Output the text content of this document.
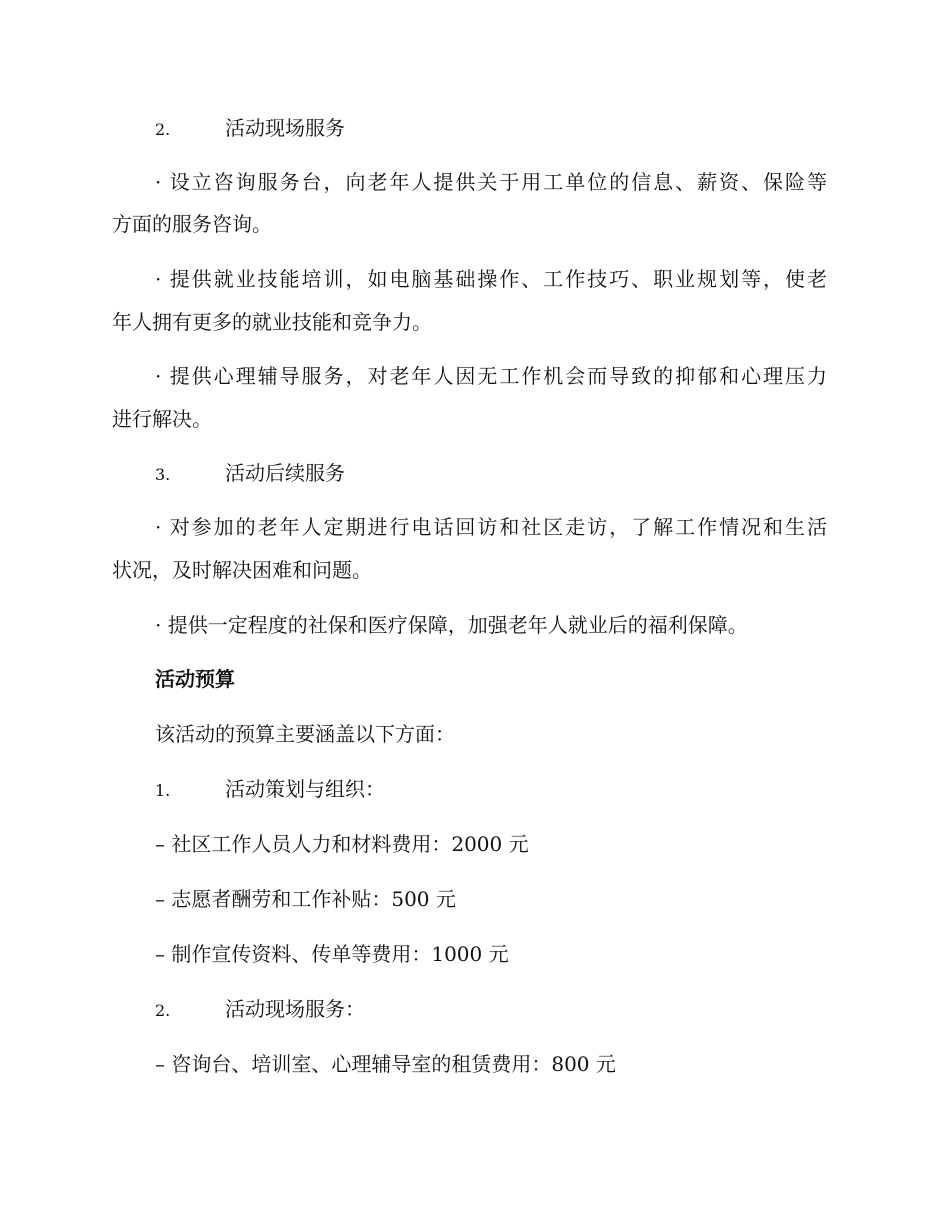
2.	活动现场服务
· 设立咨询服务台，向老年人提供关于用工单位的信息、薪资、保险等
方面的服务咨询。
· 提供就业技能培训，如电脑基础操作、工作技巧、职业规划等，使老
年人拥有更多的就业技能和竞争力。
· 提供心理辅导服务，对老年人因无工作机会而导致的抑郁和心理压力
进行解决。
3.	活动后续服务
· 对参加的老年人定期进行电话回访和社区走访，了解工作情况和生活
状况，及时解决困难和问题。
· 提供一定程度的社保和医疗保障，加强老年人就业后的福利保障。
活动预算
该活动的预算主要涵盖以下方面：
1.	活动策划与组织：
– 社区工作人员人力和材料费用：2000 元
– 志愿者酬劳和工作补贴：500 元
– 制作宣传资料、传单等费用：1000 元
2.	活动现场服务：
– 咨询台、培训室、心理辅导室的租赁费用：800 元
